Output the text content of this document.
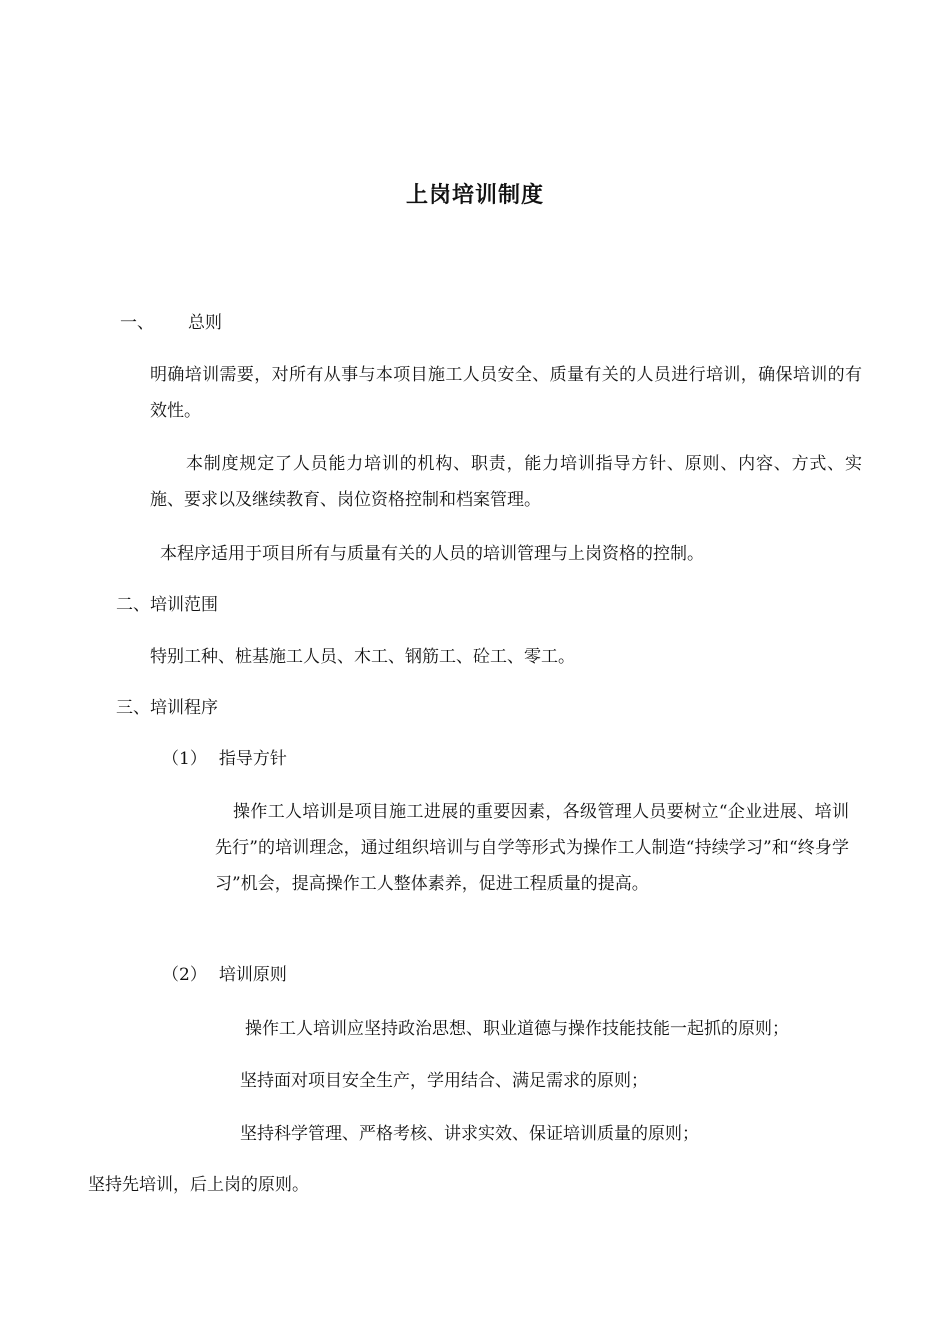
上岗培训制度
一、 总则
明确培训需要，对所有从事与本项目施工人员安全、质量有关的人员进行培训，确保培训的有效性。
本制度规定了人员能力培训的机构、职责，能力培训指导方针、原则、内容、方式、实施、要求以及继续教育、岗位资格控制和档案管理。
本程序适用于项目所有与质量有关的人员的培训管理与上岗资格的控制。
二、培训范围
特别工种、桩基施工人员、木工、钢筋工、砼工、零工。
三、培训程序
（1） 指导方针
操作工人培训是项目施工进展的重要因素，各级管理人员要树立“企业进展、培训先行”的培训理念，通过组织培训与自学等形式为操作工人制造“持续学习”和“终身学习”机会，提高操作工人整体素养，促进工程质量的提高。
（2） 培训原则
操作工人培训应坚持政治思想、职业道德与操作技能技能一起抓的原则；
坚持面对项目安全生产，学用结合、满足需求的原则；
坚持科学管理、严格考核、讲求实效、保证培训质量的原则；
坚持先培训，后上岗的原则。
